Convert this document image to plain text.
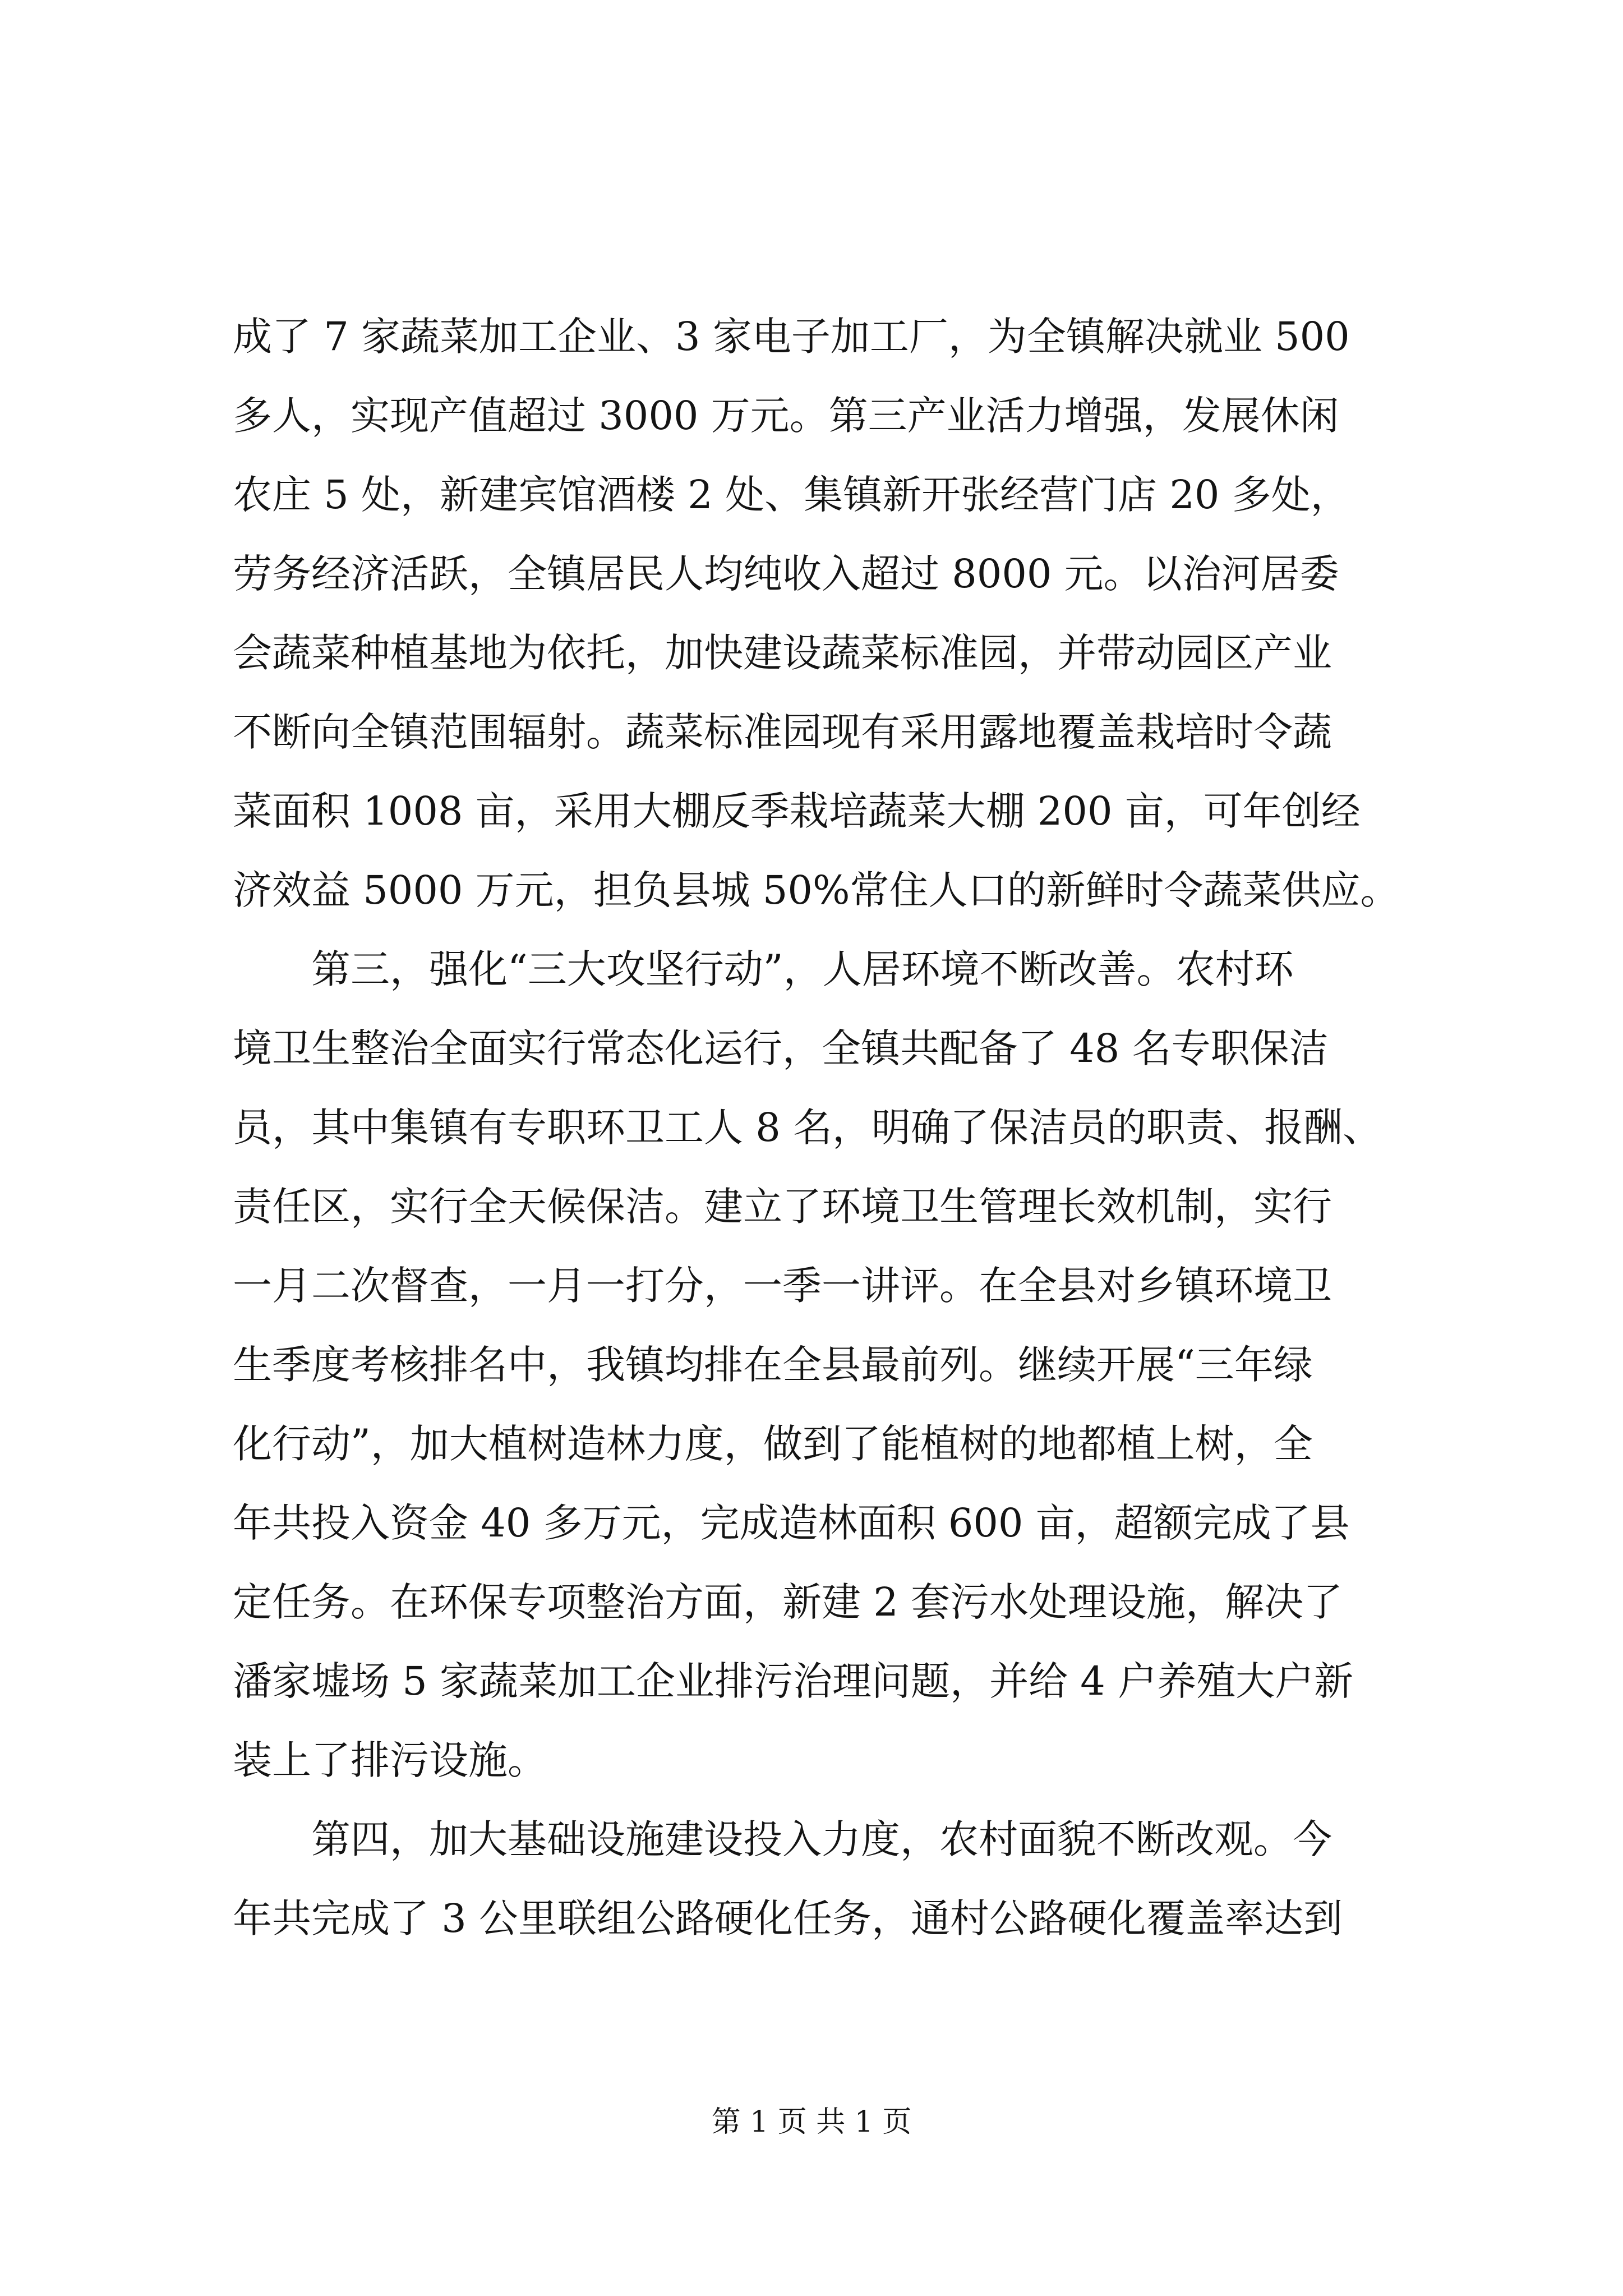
成了 7 家蔬菜加工企业、3 家电子加工厂，为全镇解决就业 500
多人，实现产值超过 3000 万元。第三产业活力增强，发展休闲
农庄 5 处，新建宾馆酒楼 2 处、集镇新开张经营门店 20 多处，
劳务经济活跃，全镇居民人均纯收入超过 8000 元。以治河居委
会蔬菜种植基地为依托，加快建设蔬菜标准园，并带动园区产业
不断向全镇范围辐射。蔬菜标准园现有采用露地覆盖栽培时令蔬
菜面积 1008 亩，采用大棚反季栽培蔬菜大棚 200 亩，可年创经
济效益 5000 万元，担负县城 50%常住人口的新鲜时令蔬菜供应。
第三，强化“三大攻坚行动”，人居环境不断改善。农村环
境卫生整治全面实行常态化运行，全镇共配备了 48 名专职保洁
员，其中集镇有专职环卫工人 8 名，明确了保洁员的职责、报酬、
责任区，实行全天候保洁。建立了环境卫生管理长效机制，实行
一月二次督查，一月一打分，一季一讲评。在全县对乡镇环境卫
生季度考核排名中，我镇均排在全县最前列。继续开展“三年绿
化行动”，加大植树造林力度，做到了能植树的地都植上树，全
年共投入资金 40 多万元，完成造林面积 600 亩，超额完成了县
定任务。在环保专项整治方面，新建 2 套污水处理设施，解决了
潘家墟场 5 家蔬菜加工企业排污治理问题，并给 4 户养殖大户新
装上了排污设施。
第四，加大基础设施建设投入力度，农村面貌不断改观。今
年共完成了 3 公里联组公路硬化任务，通村公路硬化覆盖率达到
第 1 页 共 1 页
